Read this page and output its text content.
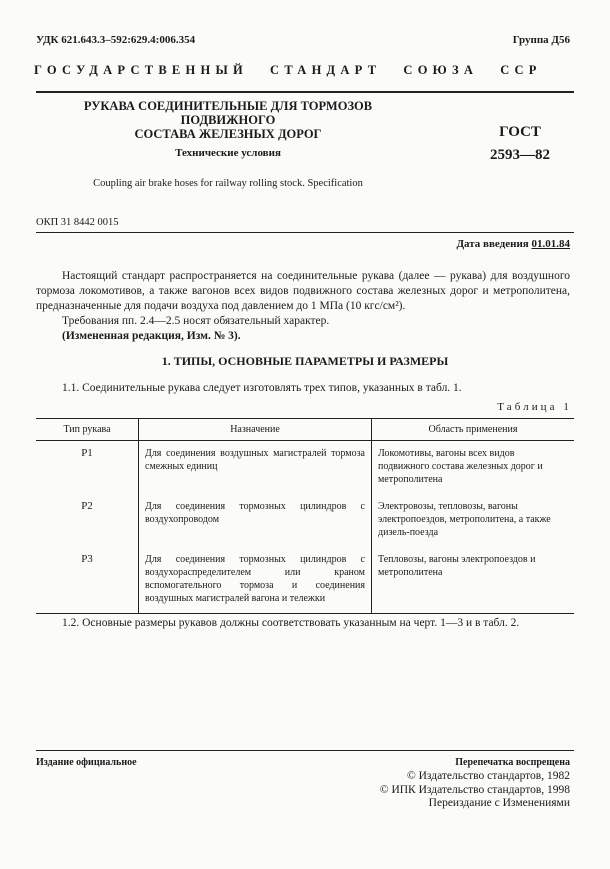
УДК 621.643.3–592:629.4:006.354	Группа Д56
ГОСУДАРСТВЕННЫЙ СТАНДАРТ СОЮЗА ССР
РУКАВА СОЕДИНИТЕЛЬНЫЕ ДЛЯ ТОРМОЗОВ ПОДВИЖНОГО
СОСТАВА ЖЕЛЕЗНЫХ ДОРОГ
Технические условия
Coupling air brake hoses for railway rolling stock. Specification
ГОСТ
2593—82
ОКП 31 8442 0015
Дата введения 01.01.84

Настоящий стандарт распространяется на соединительные рукава (далее — рукава) для воздушного тормоза локомотивов, а также вагонов всех видов подвижного состава железных дорог и метрополитена, предназначенные для подачи воздуха под давлением до 1 МПа (10 кгс/см²).

Требования пп. 2.4—2.5 носят обязательный характер.

(Измененная редакция, Изм. № 3).

1. ТИПЫ, ОСНОВНЫЕ ПАРАМЕТРЫ И РАЗМЕРЫ
1.1. Соединительные рукава следует изготовлять трех типов, указанных в табл. 1.
Таблица 1
Тип рукава	Назначение	Область применения
Р1	Для соединения воздушных магистралей тормоза смежных единиц	Локомотивы, вагоны всех видов подвижного состава железных дорог и метрополитена
Р2	Для соединения тормозных цилиндров с воздухопроводом	Электровозы, тепловозы, вагоны электропоездов, метрополитена, а также дизель-поезда
Р3	Для соединения тормозных цилиндров с воздухораспределителем или краном вспомогательного тормоза и соединения воздушных магистралей вагона и тележки	Тепловозы, вагоны электропоездов и метрополитена
1.2. Основные размеры рукавов должны соответствовать указанным на черт. 1—3 и в табл. 2.
Издание официальное	Перепечатка воспрещена
© Издательство стандартов, 1982
© ИПК Издательство стандартов, 1998
Переиздание с Изменениями
